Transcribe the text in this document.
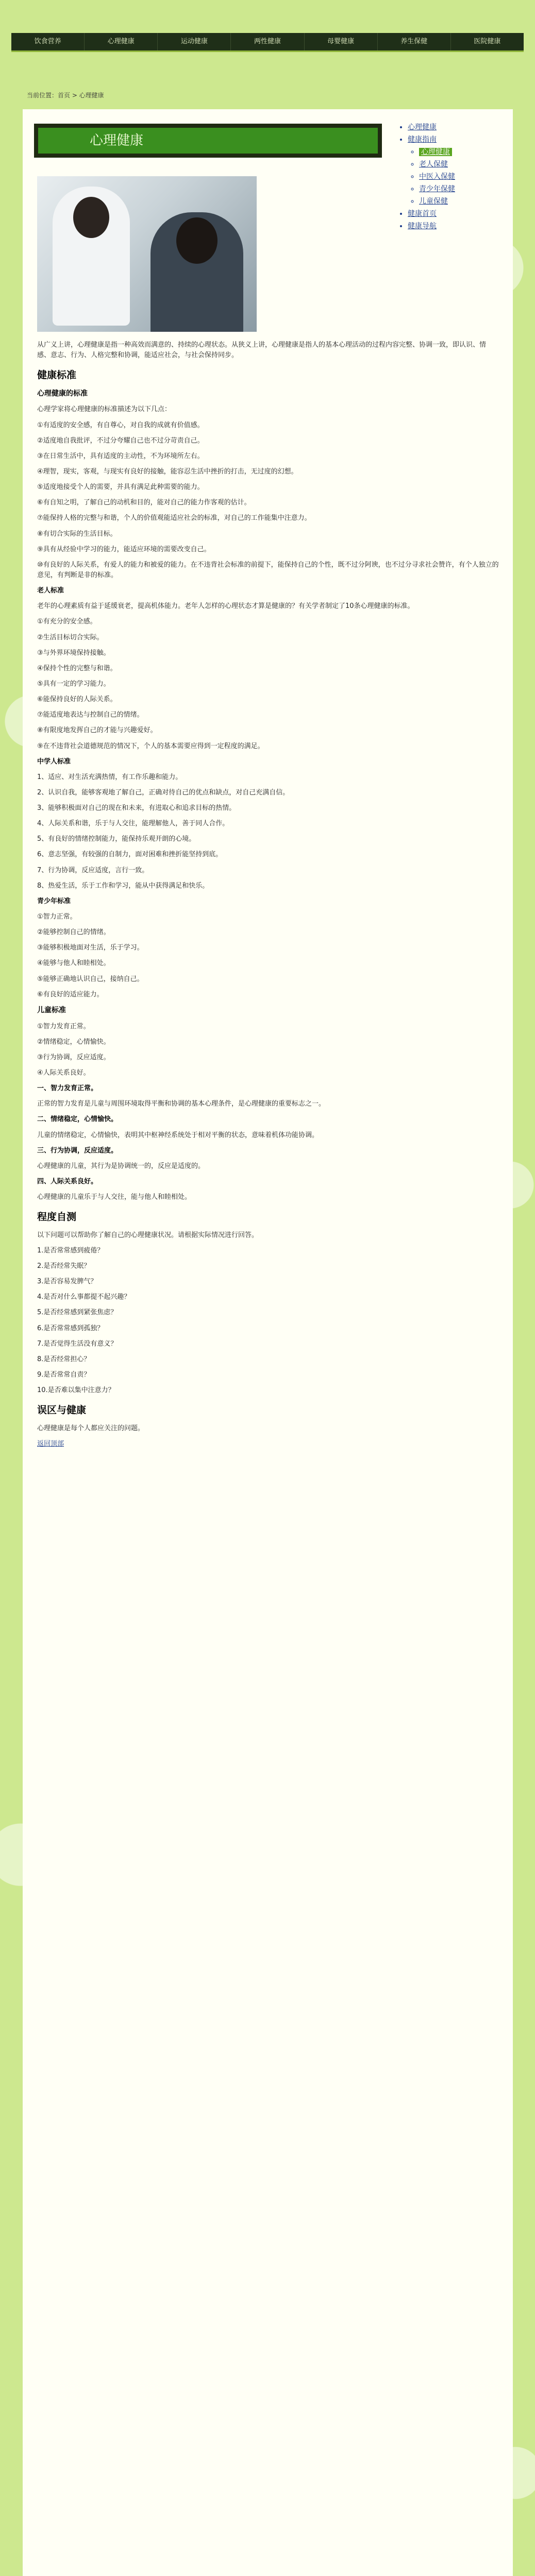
饮食营养	心理健康	运动健康	两性健康	母婴健康	养生保健	医院健康
当前位置：首页 > 心理健康
心理健康
• 心理健康
• 健康指南
◦ 心理健康
◦ 老人保健
◦ 中医入保健
◦ 青少年保健
◦ 儿童保健
• 健康首页
• 健康导航

从广义上讲，心理健康是指一种高效而满意的、持续的心理状态。从狭义上讲，心理健康是指人的基本心理活动的过程内容完整、协调一致，即认识、情感、意志、行为、人格完整和协调，能适应社会，与社会保持同步。

健康标准
心理健康的标准

心理学家将心理健康的标准描述为以下几点：

①有适度的安全感，有自尊心，对自我的成就有价值感。

②适度地自我批评，不过分夸耀自己也不过分苛责自己。

③在日常生活中，具有适度的主动性，不为环境所左右。

④理智，现实，客观，与现实有良好的接触，能容忍生活中挫折的打击，无过度的幻想。

⑤适度地接受个人的需要，并具有满足此种需要的能力。

⑥有自知之明，了解自己的动机和目的，能对自己的能力作客观的估计。

⑦能保持人格的完整与和谐，个人的价值观能适应社会的标准，对自己的工作能集中注意力。

⑧有切合实际的生活目标。

⑨具有从经验中学习的能力，能适应环境的需要改变自己。

⑩有良好的人际关系，有爱人的能力和被爱的能力。在不违背社会标准的前提下，能保持自己的个性，既不过分阿谀，也不过分寻求社会赞许，有个人独立的意见，有判断是非的标准。

老人标准

老年的心理素质有益于延缓衰老，提高机体能力。老年人怎样的心理状态才算是健康的？有关学者制定了10条心理健康的标准。

①有充分的安全感。

②生活目标切合实际。

③与外界环境保持接触。

④保持个性的完整与和谐。

⑤具有一定的学习能力。

⑥能保持良好的人际关系。

⑦能适度地表达与控制自己的情绪。

⑧有限度地发挥自己的才能与兴趣爱好。

⑨在不违背社会道德规范的情况下，个人的基本需要应得到一定程度的满足。

中学人标准

1、适应、对生活充满热情，有工作乐趣和能力。

2、认识自我，能够客观地了解自己，正确对待自己的优点和缺点，对自己充满自信。

3、能够积极面对自己的现在和未来，有进取心和追求目标的热情。

4、人际关系和谐，乐于与人交往，能理解他人，善于同人合作。

5、有良好的情绪控制能力，能保持乐观开朗的心境。

6、意志坚强，有较强的自制力，面对困难和挫折能坚持到底。

7、行为协调，反应适度，言行一致。

8、热爱生活，乐于工作和学习，能从中获得满足和快乐。

青少年标准

①智力正常。

②能够控制自己的情绪。

③能够积极地面对生活，乐于学习。

④能够与他人和睦相处。

⑤能够正确地认识自己，接纳自己。

⑥有良好的适应能力。

儿童标准

①智力发育正常。

②情绪稳定，心情愉快。

③行为协调，反应适度。

④人际关系良好。

一、智力发育正常。

正常的智力发育是儿童与周围环境取得平衡和协调的基本心理条件，是心理健康的重要标志之一。

二、情绪稳定，心情愉快。

儿童的情绪稳定，心情愉快，表明其中枢神经系统处于相对平衡的状态，意味着机体功能协调。

三、行为协调，反应适度。

心理健康的儿童，其行为是协调统一的，反应是适度的。

四、人际关系良好。

心理健康的儿童乐于与人交往，能与他人和睦相处。

程度自测

以下问题可以帮助你了解自己的心理健康状况。请根据实际情况进行回答。

1.是否常常感到疲倦？

2.是否经常失眠？

3.是否容易发脾气？

4.是否对什么事都提不起兴趣？

5.是否经常感到紧张焦虑？

6.是否常常感到孤独？

7.是否觉得生活没有意义？

8.是否经常担心？

9.是否常常自责？

10.是否难以集中注意力？

误区与健康

心理健康是每个人都应关注的问题。

返回顶部
